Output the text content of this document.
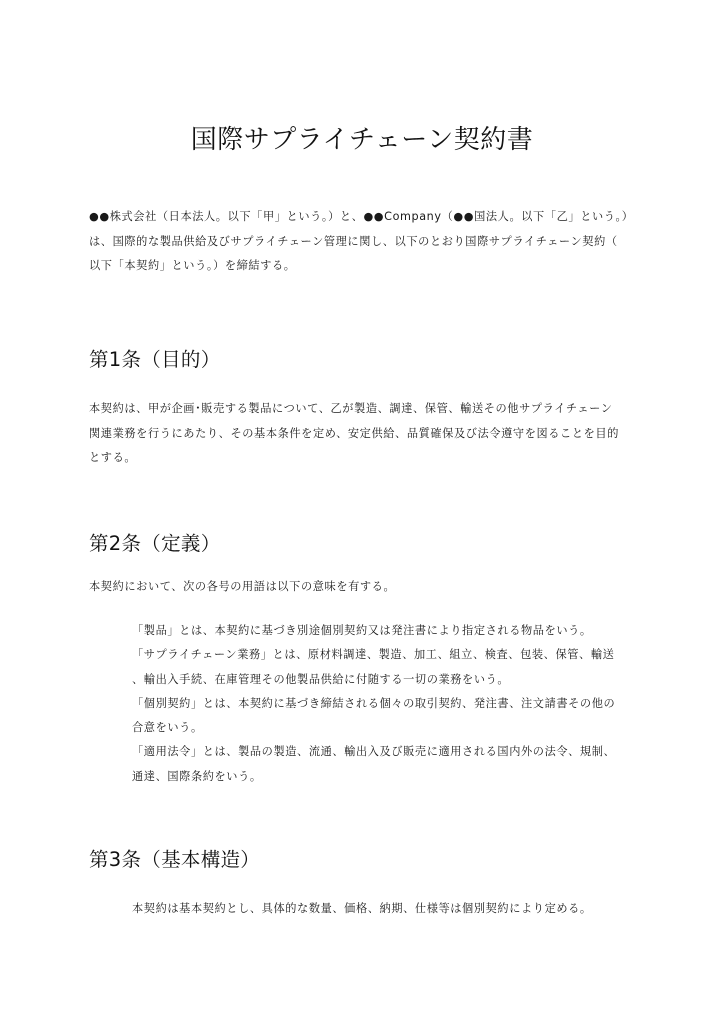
国際サプライチェーン契約書
●●株式会社（日本法人。以下「甲」という。）と、●●Company（●●国法人。以下「乙」という。）
は、国際的な製品供給及びサプライチェーン管理に関し、以下のとおり国際サプライチェーン契約（
以下「本契約」という。）を締結する。
第1条（目的）
本契約は、甲が企画･販売する製品について、乙が製造、調達、保管、輸送その他サプライチェーン
関連業務を行うにあたり、その基本条件を定め、安定供給、品質確保及び法令遵守を図ることを目的
とする。
第2条（定義）
本契約において、次の各号の用語は以下の意味を有する。
「製品」とは、本契約に基づき別途個別契約又は発注書により指定される物品をいう。
「サプライチェーン業務」とは、原材料調達、製造、加工、組立、検査、包装、保管、輸送
、輸出入手続、在庫管理その他製品供給に付随する一切の業務をいう。
「個別契約」とは、本契約に基づき締結される個々の取引契約、発注書、注文請書その他の
合意をいう。
「適用法令」とは、製品の製造、流通、輸出入及び販売に適用される国内外の法令、規制、
通達、国際条約をいう。
第3条（基本構造）
本契約は基本契約とし、具体的な数量、価格、納期、仕様等は個別契約により定める。
